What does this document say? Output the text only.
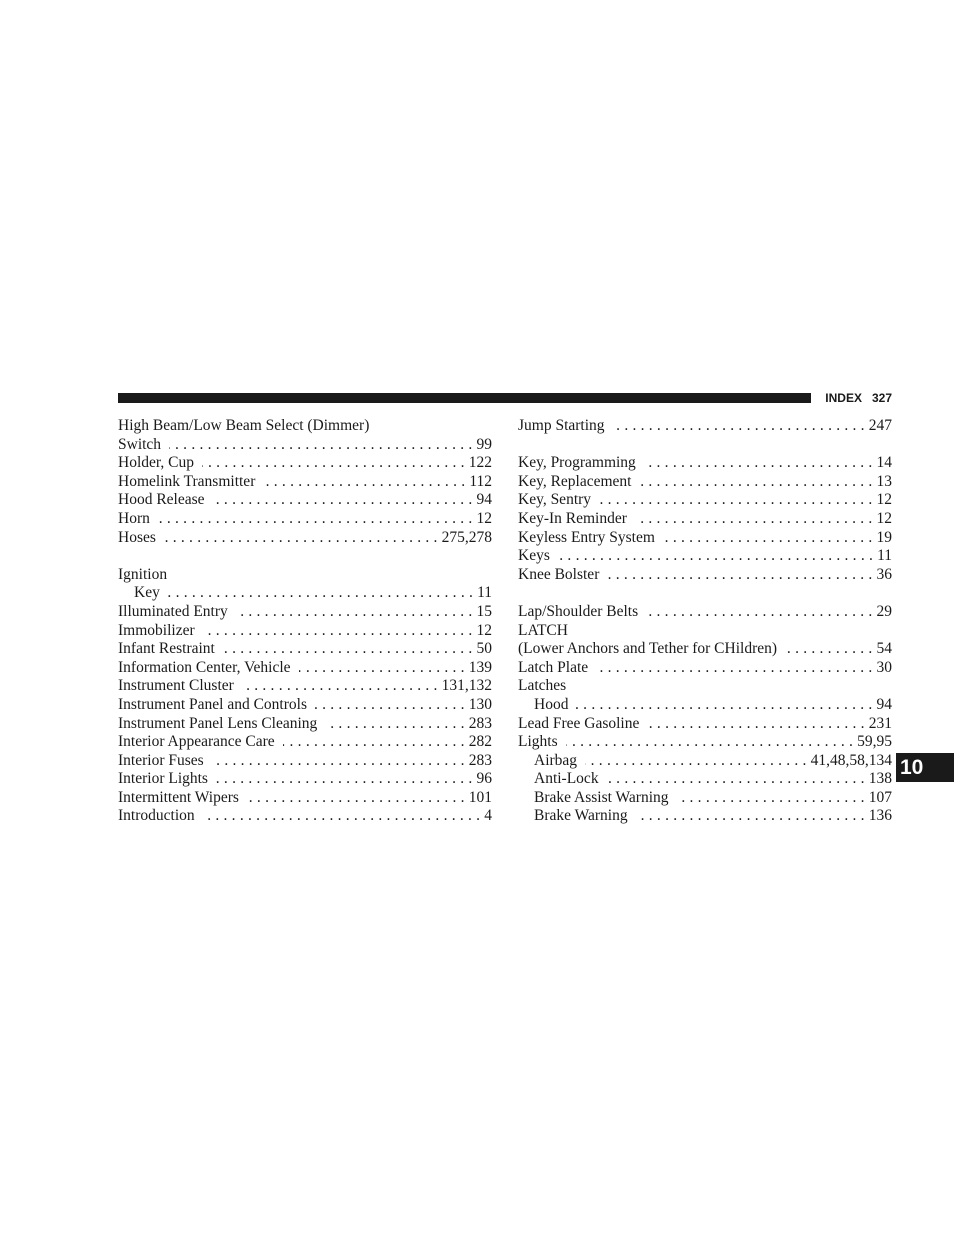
INDEX 327
High Beam/Low Beam Select (Dimmer)
Switch . . .	99
Holder, Cup . . .	122
Homelink Transmitter . . .	112
Hood Release . . .	94
Horn . . .	12
Hoses . . .	275,278
Ignition
Key . . .	11
Illuminated Entry . . .	15
Immobilizer . . .	12
Infant Restraint . . .	50
Information Center, Vehicle . . .	139
Instrument Cluster . . .	131,132
Instrument Panel and Controls . . .	130
Instrument Panel Lens Cleaning . . .	283
Interior Appearance Care . . .	282
Interior Fuses . . .	283
Interior Lights . . .	96
Intermittent Wipers . . .	101
Introduction . . .	4
Jump Starting . . .	247
Key, Programming . . .	14
Key, Replacement . . .	13
Key, Sentry . . .	12
Key-In Reminder . . .	12
Keyless Entry System . . .	19
Keys . . .	11
Knee Bolster . . .	36
Lap/Shoulder Belts . . .	29
LATCH
(Lower Anchors and Tether for CHildren) . . .	54
Latch Plate . . .	30
Latches
Hood . . .	94
Lead Free Gasoline . . .	231
Lights . . .	59,95
Airbag . . .	41,48,58,134
Anti-Lock . . .	138
Brake Assist Warning . . .	107
Brake Warning . . .	136
10
